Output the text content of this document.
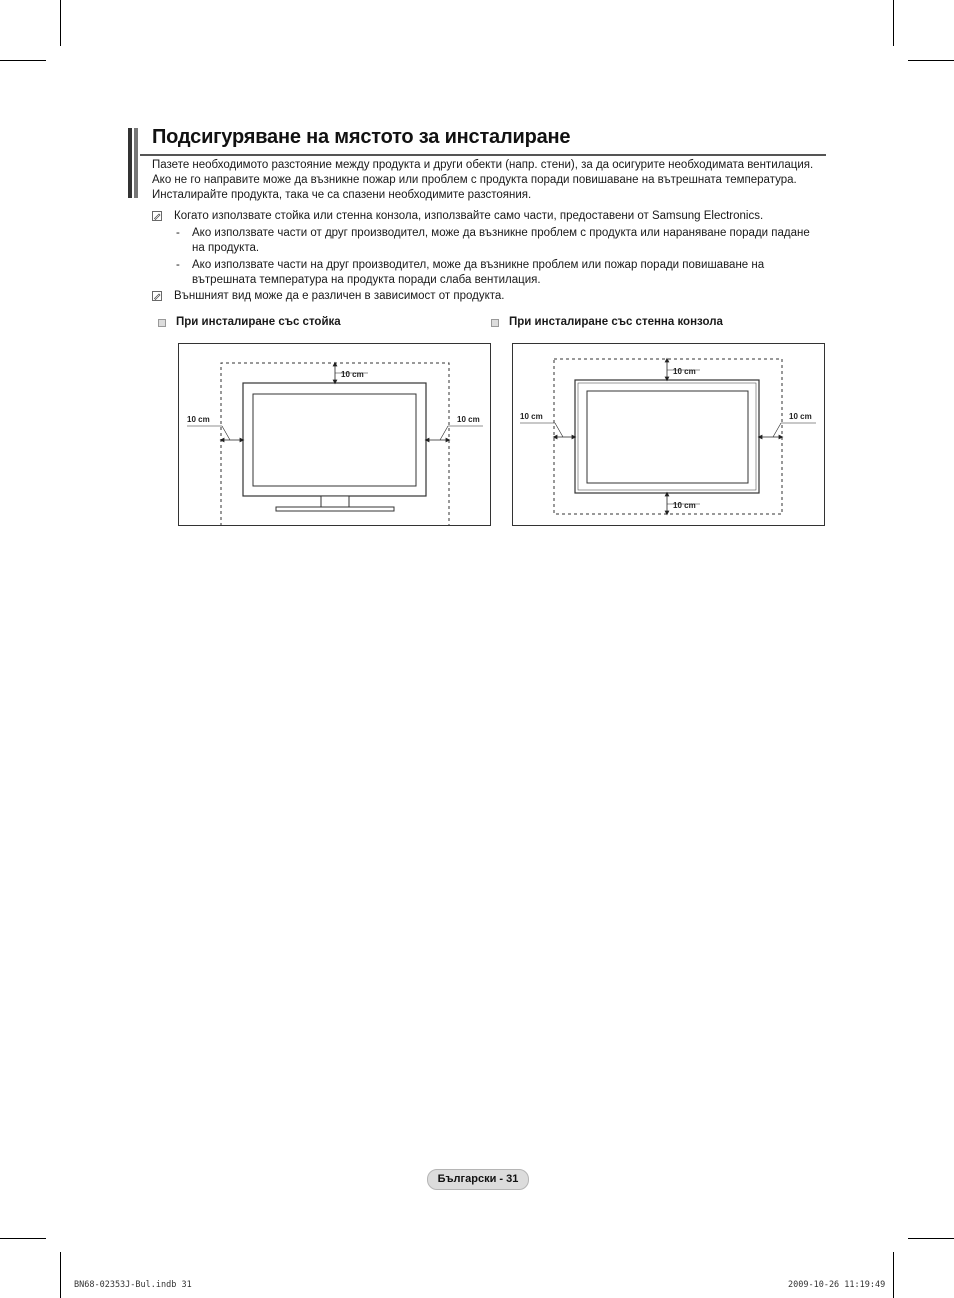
Подсигуряване на мястото за инсталиране

Пазете необходимото разстояние между продукта и други обекти (напр. стени), за да осигурите необходимата вентилация.

Ако не го направите може да възникне пожар или проблем с продукта поради повишаване на вътрешната температура.

Инсталирайте продукта, така че са спазени необходимите разстояния.

Когато използвате стойка или стенна конзола, използвайте само части, предоставени от Samsung Electronics.
- Ако използвате части от друг производител, може да възникне проблем с продукта или нараняване поради падане
на продукта.
- Ако използвате части на друг производител, може да възникне проблем или пожар поради повишаване на
вътрешната температура на продукта поради слаба вентилация.
Външният вид може да е различен в зависимост от продукта.
При инсталиране със стойка	При инсталиране със стенна конзола
10 cm
10 cm	10 cm
10 cm
10 cm
10 cm	10 cm
Български - 31
BN68-02353J-Bul.indb 31	2009-10-26 11:19:49
